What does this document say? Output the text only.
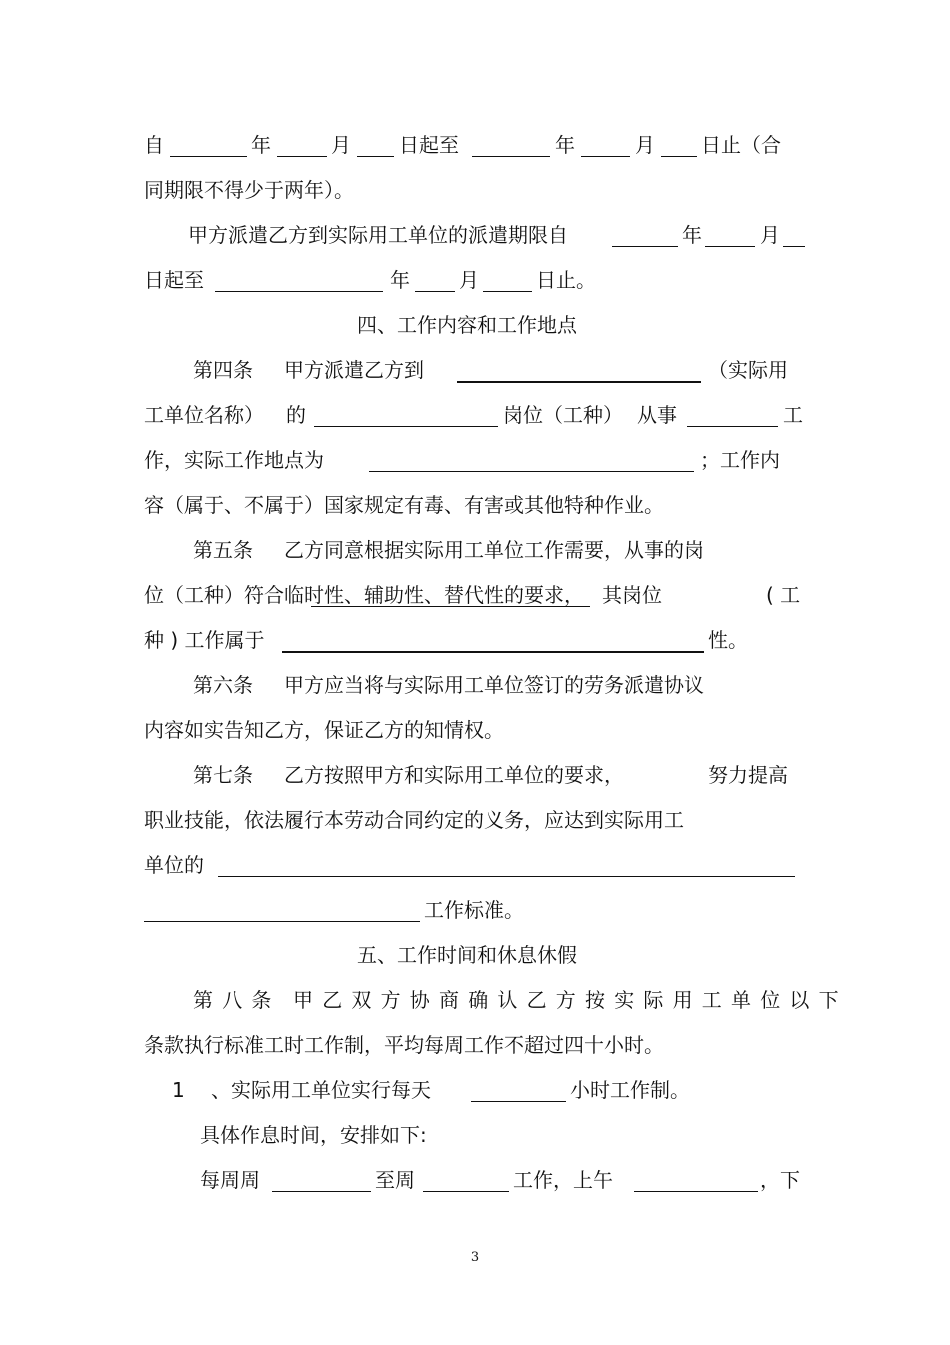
自	年	月 日起至	年	月 日止（合
同期限不得少于两年）。
甲方派遣乙方到实际用工单位的派遣期限自	年	月
日起至	年 月	日止。
四、工作内容和工作地点
第四条 甲方派遣乙方到	（实际用
工单位名称） 的	岗位（工种） 从事	工
作，实际工作地点为	；工作内
容（属于、不属于）国家规定有毒、有害或其他特种作业。
第五条 乙方同意根据实际用工单位工作需要，从事的岗
位（工种）符合临时性、辅助性、替代性的要求， 其岗位	( 工
种 ) 工作属于	性。
第六条 甲方应当将与实际用工单位签订的劳务派遣协议
内容如实告知乙方，保证乙方的知情权。
第七条 乙方按照甲方和实际用工单位的要求，	努力提高
职业技能，依法履行本劳动合同约定的义务，应达到实际用工
单位的
工作标准。
五、工作时间和休息休假
第八条 甲乙双方协商确认乙方按实际用工单位以下
条款执行标准工时工作制，平均每周工作不超过四十小时。
1 、实际用工单位实行每天	小时工作制。
具体作息时间，安排如下:
每周周	至周	工作，上午	，下
3
